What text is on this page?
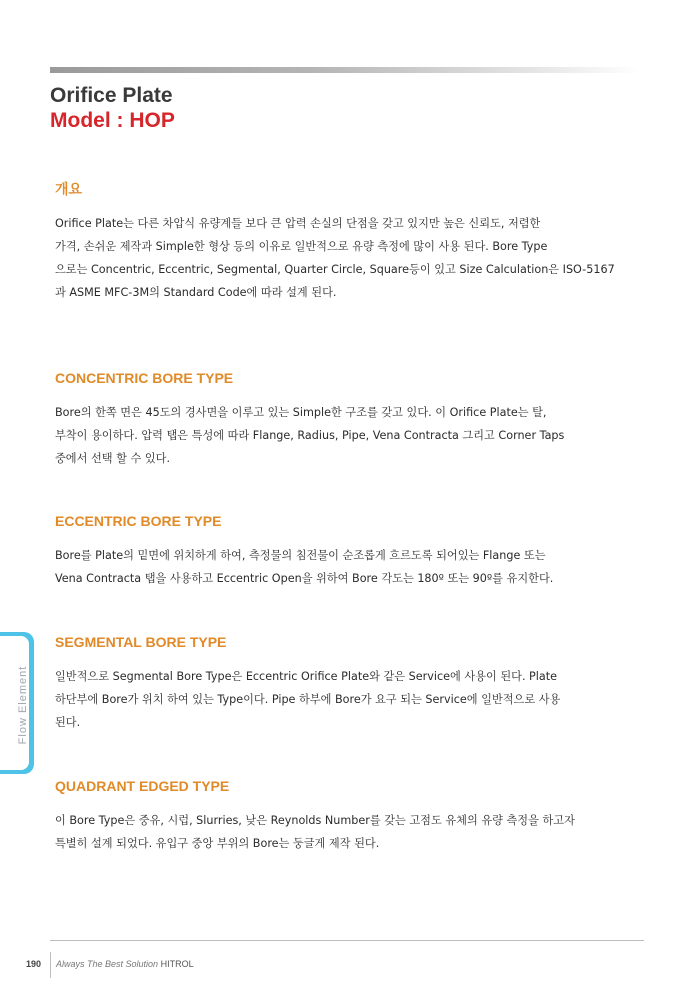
Orifice Plate
Model : HOP
개요
Orifice Plate는 다른 차압식 유량계들 보다 큰 압력 손실의 단점을 갖고 있지만 높은 신뢰도, 저렴한
가격, 손쉬운 제작과 Simple한 형상 등의 이유로 일반적으로 유량 측정에 많이 사용 된다. Bore Type
으로는 Concentric, Eccentric, Segmental, Quarter Circle, Square등이 있고 Size Calculation은 ISO-5167
과 ASME MFC-3M의 Standard Code에 따라 설계 된다.
CONCENTRIC BORE TYPE
Bore의 한쪽 면은 45도의 경사면을 이루고 있는 Simple한 구조를 갖고 있다. 이 Orifice Plate는 탈,
부착이 용이하다. 압력 탭은 특성에 따라 Flange, Radius, Pipe, Vena Contracta 그리고 Corner Taps
중에서 선택 할 수 있다.
ECCENTRIC BORE TYPE
Bore를 Plate의 밑면에 위치하게 하여, 측정물의 침전물이 순조롭게 흐르도록 되어있는 Flange 또는
Vena Contracta 탭을 사용하고 Eccentric Open을 위하여 Bore 각도는 180º 또는 90º를 유지한다.
SEGMENTAL BORE TYPE
일반적으로 Segmental Bore Type은 Eccentric Orifice Plate와 같은 Service에 사용이 된다. Plate
하단부에 Bore가 위치 하여 있는 Type이다. Pipe 하부에 Bore가 요구 되는 Service에 일반적으로 사용
된다.
QUADRANT EDGED TYPE
이 Bore Type은 중유, 시럽, Slurries, 낮은 Reynolds Number를 갖는 고점도 유체의 유량 측정을 하고자
특별히 설계 되었다. 유입구 중앙 부위의 Bore는 둥글게 제작 된다.
Flow Element
190 Always The Best Solution HITROL
